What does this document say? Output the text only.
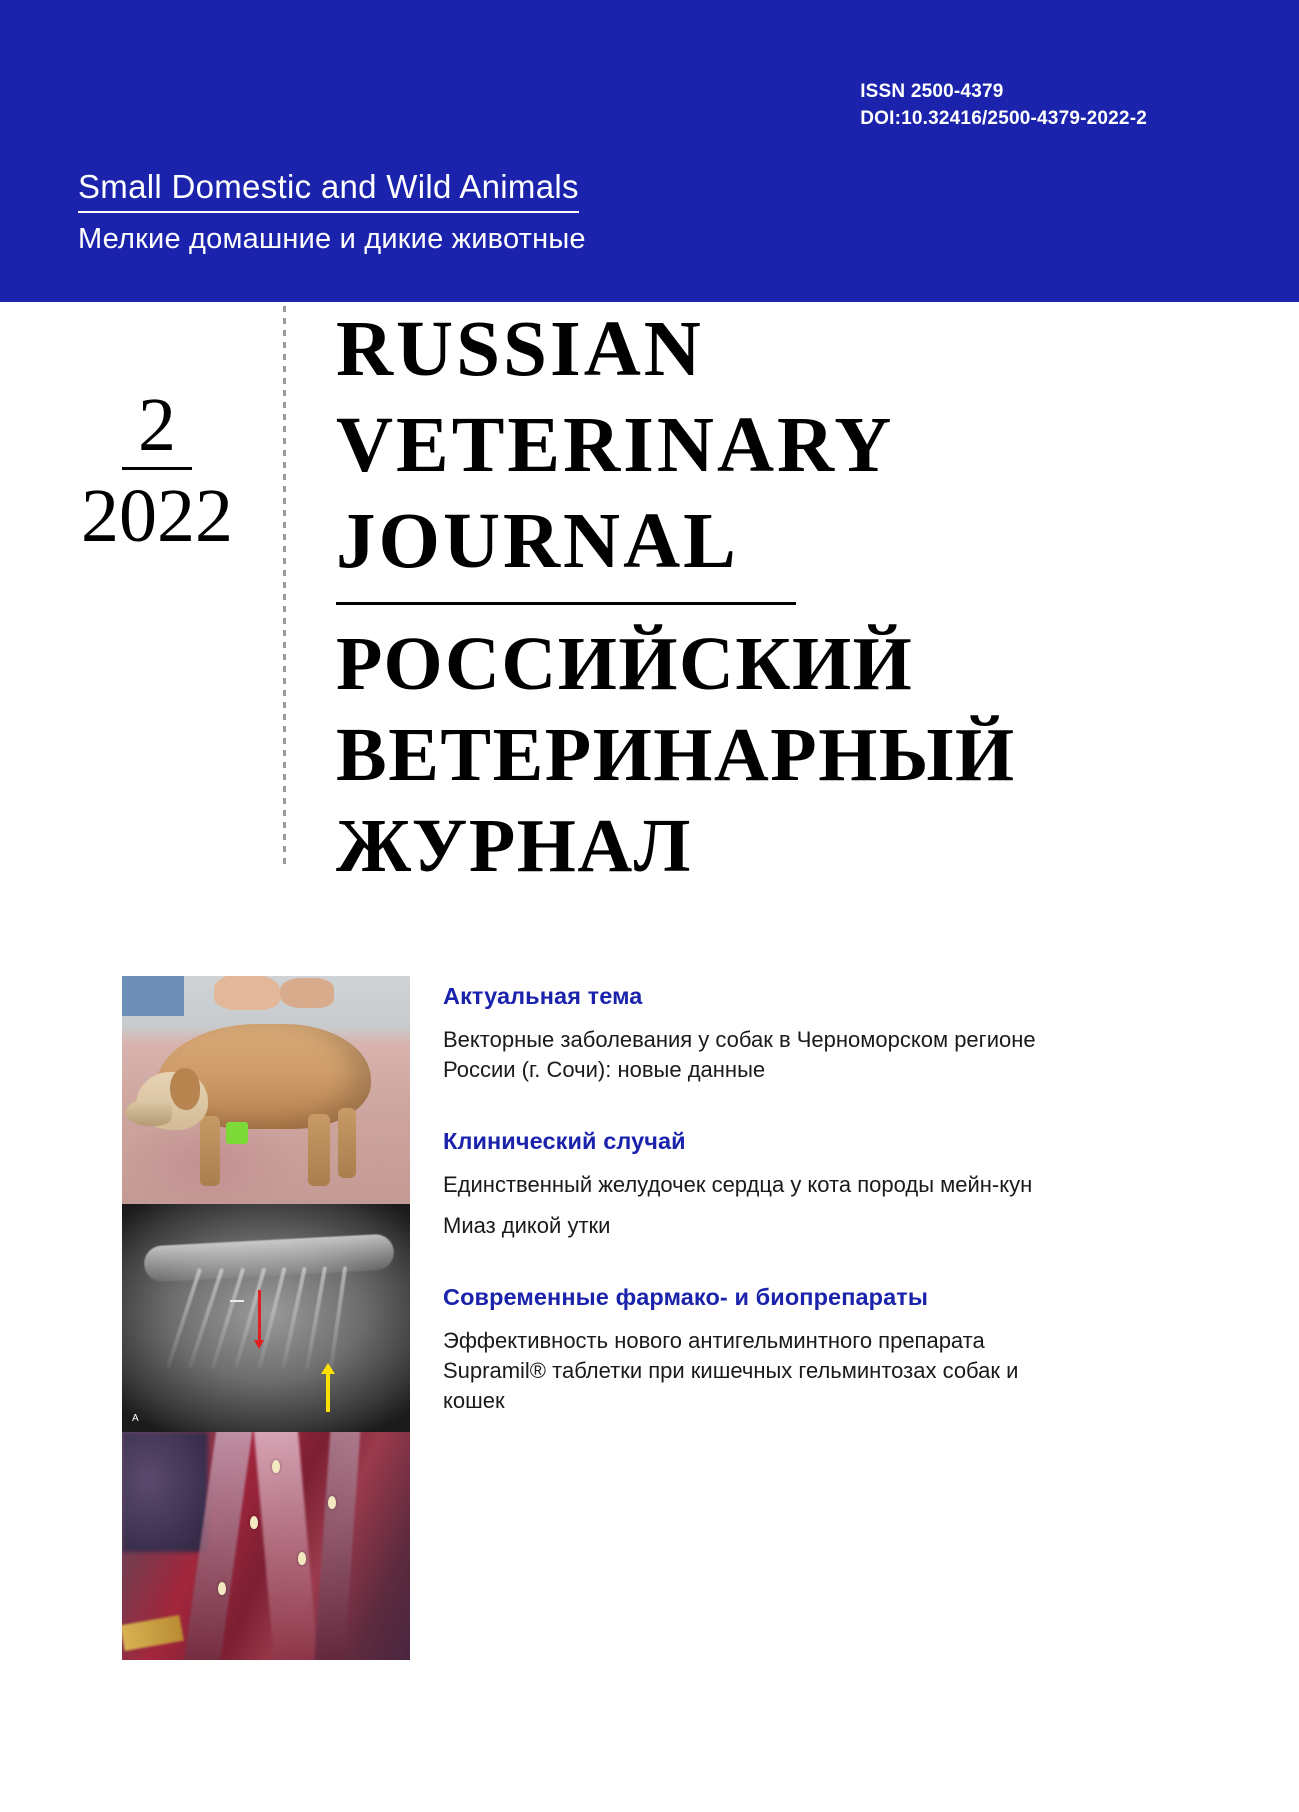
ISSN 2500-4379
DOI:10.32416/2500-4379-2022-2
Small Domestic and Wild Animals
Мелкие домашние и дикие животные
2
2022
RUSSIAN
VETERINARY
JOURNAL
РОССИЙСКИЙ
ВЕТЕРИНАРНЫЙ
ЖУРНАЛ
A
Актуальная тема
Векторные заболевания у собак в Черноморском регионе России (г. Сочи): новые данные
Клинический случай
Единственный желудочек сердца у кота породы мейн-кун
Миаз дикой утки
Современные фармако- и биопрепараты
Эффективность нового антигельминтного препарата Supramil® таблетки при кишечных гельминтозах собак и кошек
